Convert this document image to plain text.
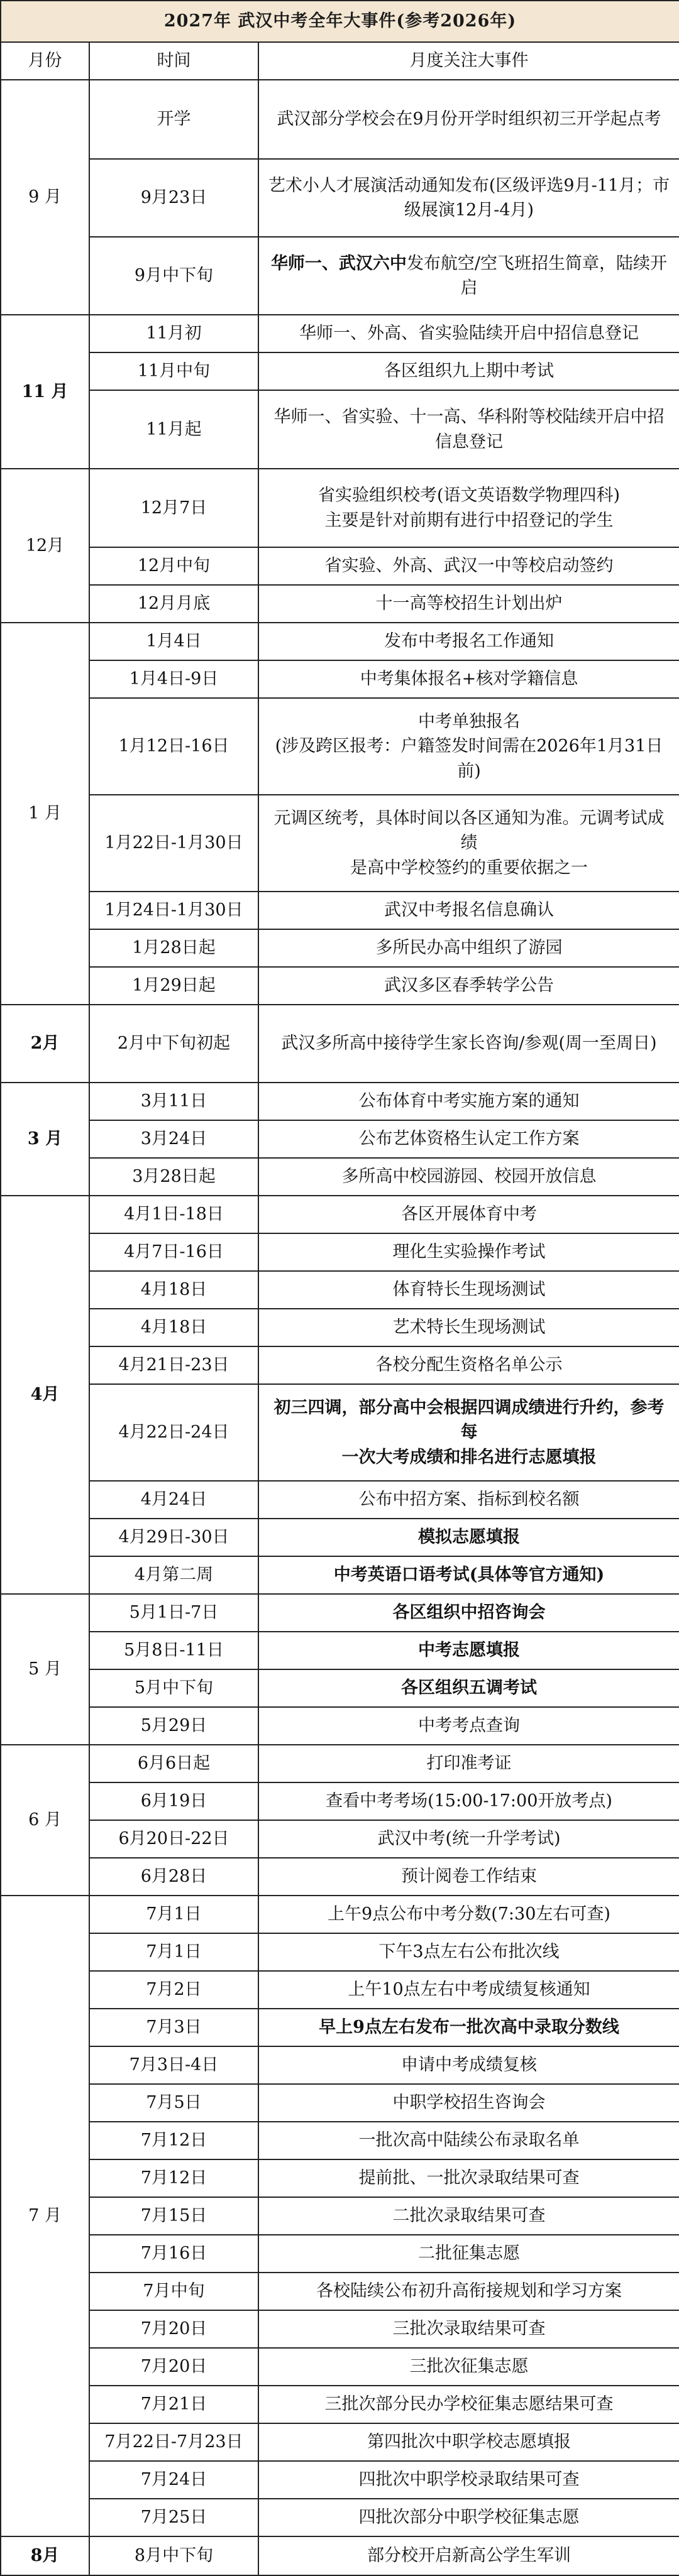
2027年 武汉中考全年大事件(参考2026年)		
月份	时间	月度关注大事件
9 月	开学	武汉部分学校会在9月份开学时组织初三开学起点考

	9月23日	艺术小人才展演活动通知发布(区级评选9月-11月；市级展演12月-4月)

	9月中下旬	华师一、武汉六中发布航空/空飞班招生简章，陆续开启

11 月	11月初	华师一、外高、省实验陆续开启中招信息登记

	11月中旬	各区组织九上期中考试

	11月起	华师一、省实验、十一高、华科附等校陆续开启中招信息登记

12月	12月7日	省实验组织校考(语文英语数学物理四科)
主要是针对前期有进行中招登记的学生

	12月中旬	省实验、外高、武汉一中等校启动签约

	12月月底	十一高等校招生计划出炉

1 月	1月4日	发布中考报名工作通知

	1月4日-9日	中考集体报名+核对学籍信息

	1月12日-16日	中考单独报名
(涉及跨区报考：户籍签发时间需在2026年1月31日前)

	1月22日-1月30日	元调区统考，具体时间以各区通知为准。元调考试成绩
是高中学校签约的重要依据之一

	1月24日-1月30日	武汉中考报名信息确认

	1月28日起	多所民办高中组织了游园

	1月29日起	武汉多区春季转学公告

2月	2月中下旬初起	武汉多所高中接待学生家长咨询/参观(周一至周日)

3 月	3月11日	公布体育中考实施方案的通知

	3月24日	公布艺体资格生认定工作方案

	3月28日起	多所高中校园游园、校园开放信息

4月	4月1日-18日	各区开展体育中考

	4月7日-16日	理化生实验操作考试

	4月18日	体育特长生现场测试

	4月18日	艺术特长生现场测试

	4月21日-23日	各校分配生资格名单公示

	4月22日-24日	初三四调，部分高中会根据四调成绩进行升约，参考每
一次大考成绩和排名进行志愿填报

	4月24日	公布中招方案、指标到校名额

	4月29日-30日	模拟志愿填报

	4月第二周	中考英语口语考试(具体等官方通知)

5 月	5月1日-7日	各区组织中招咨询会

	5月8日-11日	中考志愿填报

	5月中下旬	各区组织五调考试

	5月29日	中考考点查询

6 月	6月6日起	打印准考证

	6月19日	查看中考考场(15:00-17:00开放考点)

	6月20日-22日	武汉中考(统一升学考试)

	6月28日	预计阅卷工作结束

7 月	7月1日	上午9点公布中考分数(7:30左右可查)

	7月1日	下午3点左右公布批次线

	7月2日	上午10点左右中考成绩复核通知

	7月3日	早上9点左右发布一批次高中录取分数线

	7月3日-4日	申请中考成绩复核

	7月5日	中职学校招生咨询会

	7月12日	一批次高中陆续公布录取名单

	7月12日	提前批、一批次录取结果可查

	7月15日	二批次录取结果可查

	7月16日	二批征集志愿

	7月中旬	各校陆续公布初升高衔接规划和学习方案

	7月20日	三批次录取结果可查

	7月20日	三批次征集志愿

	7月21日	三批次部分民办学校征集志愿结果可查

	7月22日-7月23日	第四批次中职学校志愿填报

	7月24日	四批次中职学校录取结果可查

	7月25日	四批次部分中职学校征集志愿

8月	8月中下旬	部分校开启新高公学生军训
